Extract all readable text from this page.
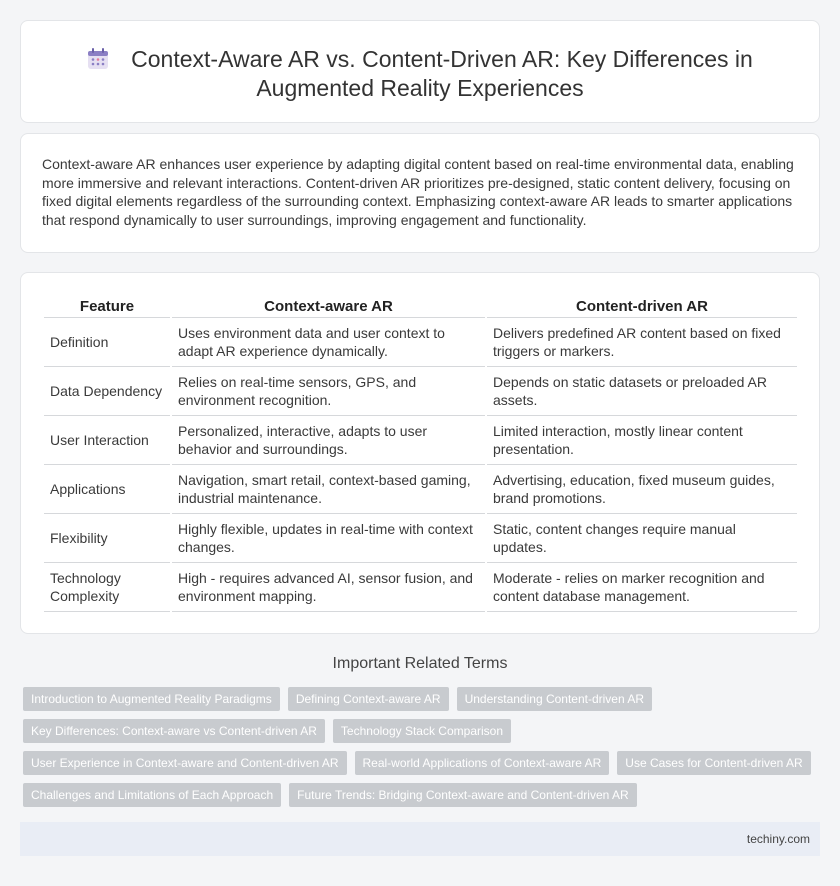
Context-Aware AR vs. Content-Driven AR: Key Differences in Augmented Reality Experiences

Context-aware AR enhances user experience by adapting digital content based on real-time environmental data, enabling more immersive and relevant interactions. Content-driven AR prioritizes pre-designed, static content delivery, focusing on fixed digital elements regardless of the surrounding context. Emphasizing context-aware AR leads to smarter applications that respond dynamically to user surroundings, improving engagement and functionality.

Feature	Context-aware AR	Content-driven AR
Definition	Uses environment data and user context to adapt AR experience dynamically.	Delivers predefined AR content based on fixed triggers or markers.
Data Dependency	Relies on real-time sensors, GPS, and environment recognition.	Depends on static datasets or preloaded AR assets.
User Interaction	Personalized, interactive, adapts to user behavior and surroundings.	Limited interaction, mostly linear content presentation.
Applications	Navigation, smart retail, context-based gaming, industrial maintenance.	Advertising, education, fixed museum guides, brand promotions.
Flexibility	Highly flexible, updates in real-time with context changes.	Static, content changes require manual updates.
Technology Complexity	High - requires advanced AI, sensor fusion, and environment mapping.	Moderate - relies on marker recognition and content database management.
Important Related Terms
Introduction to Augmented Reality Paradigms	Defining Context-aware AR	Understanding Content-driven AR
Key Differences: Context-aware vs Content-driven AR	Technology Stack Comparison
User Experience in Context-aware and Content-driven AR	Real-world Applications of Context-aware AR	Use Cases for Content-driven AR
Challenges and Limitations of Each Approach	Future Trends: Bridging Context-aware and Content-driven AR
techiny.com
